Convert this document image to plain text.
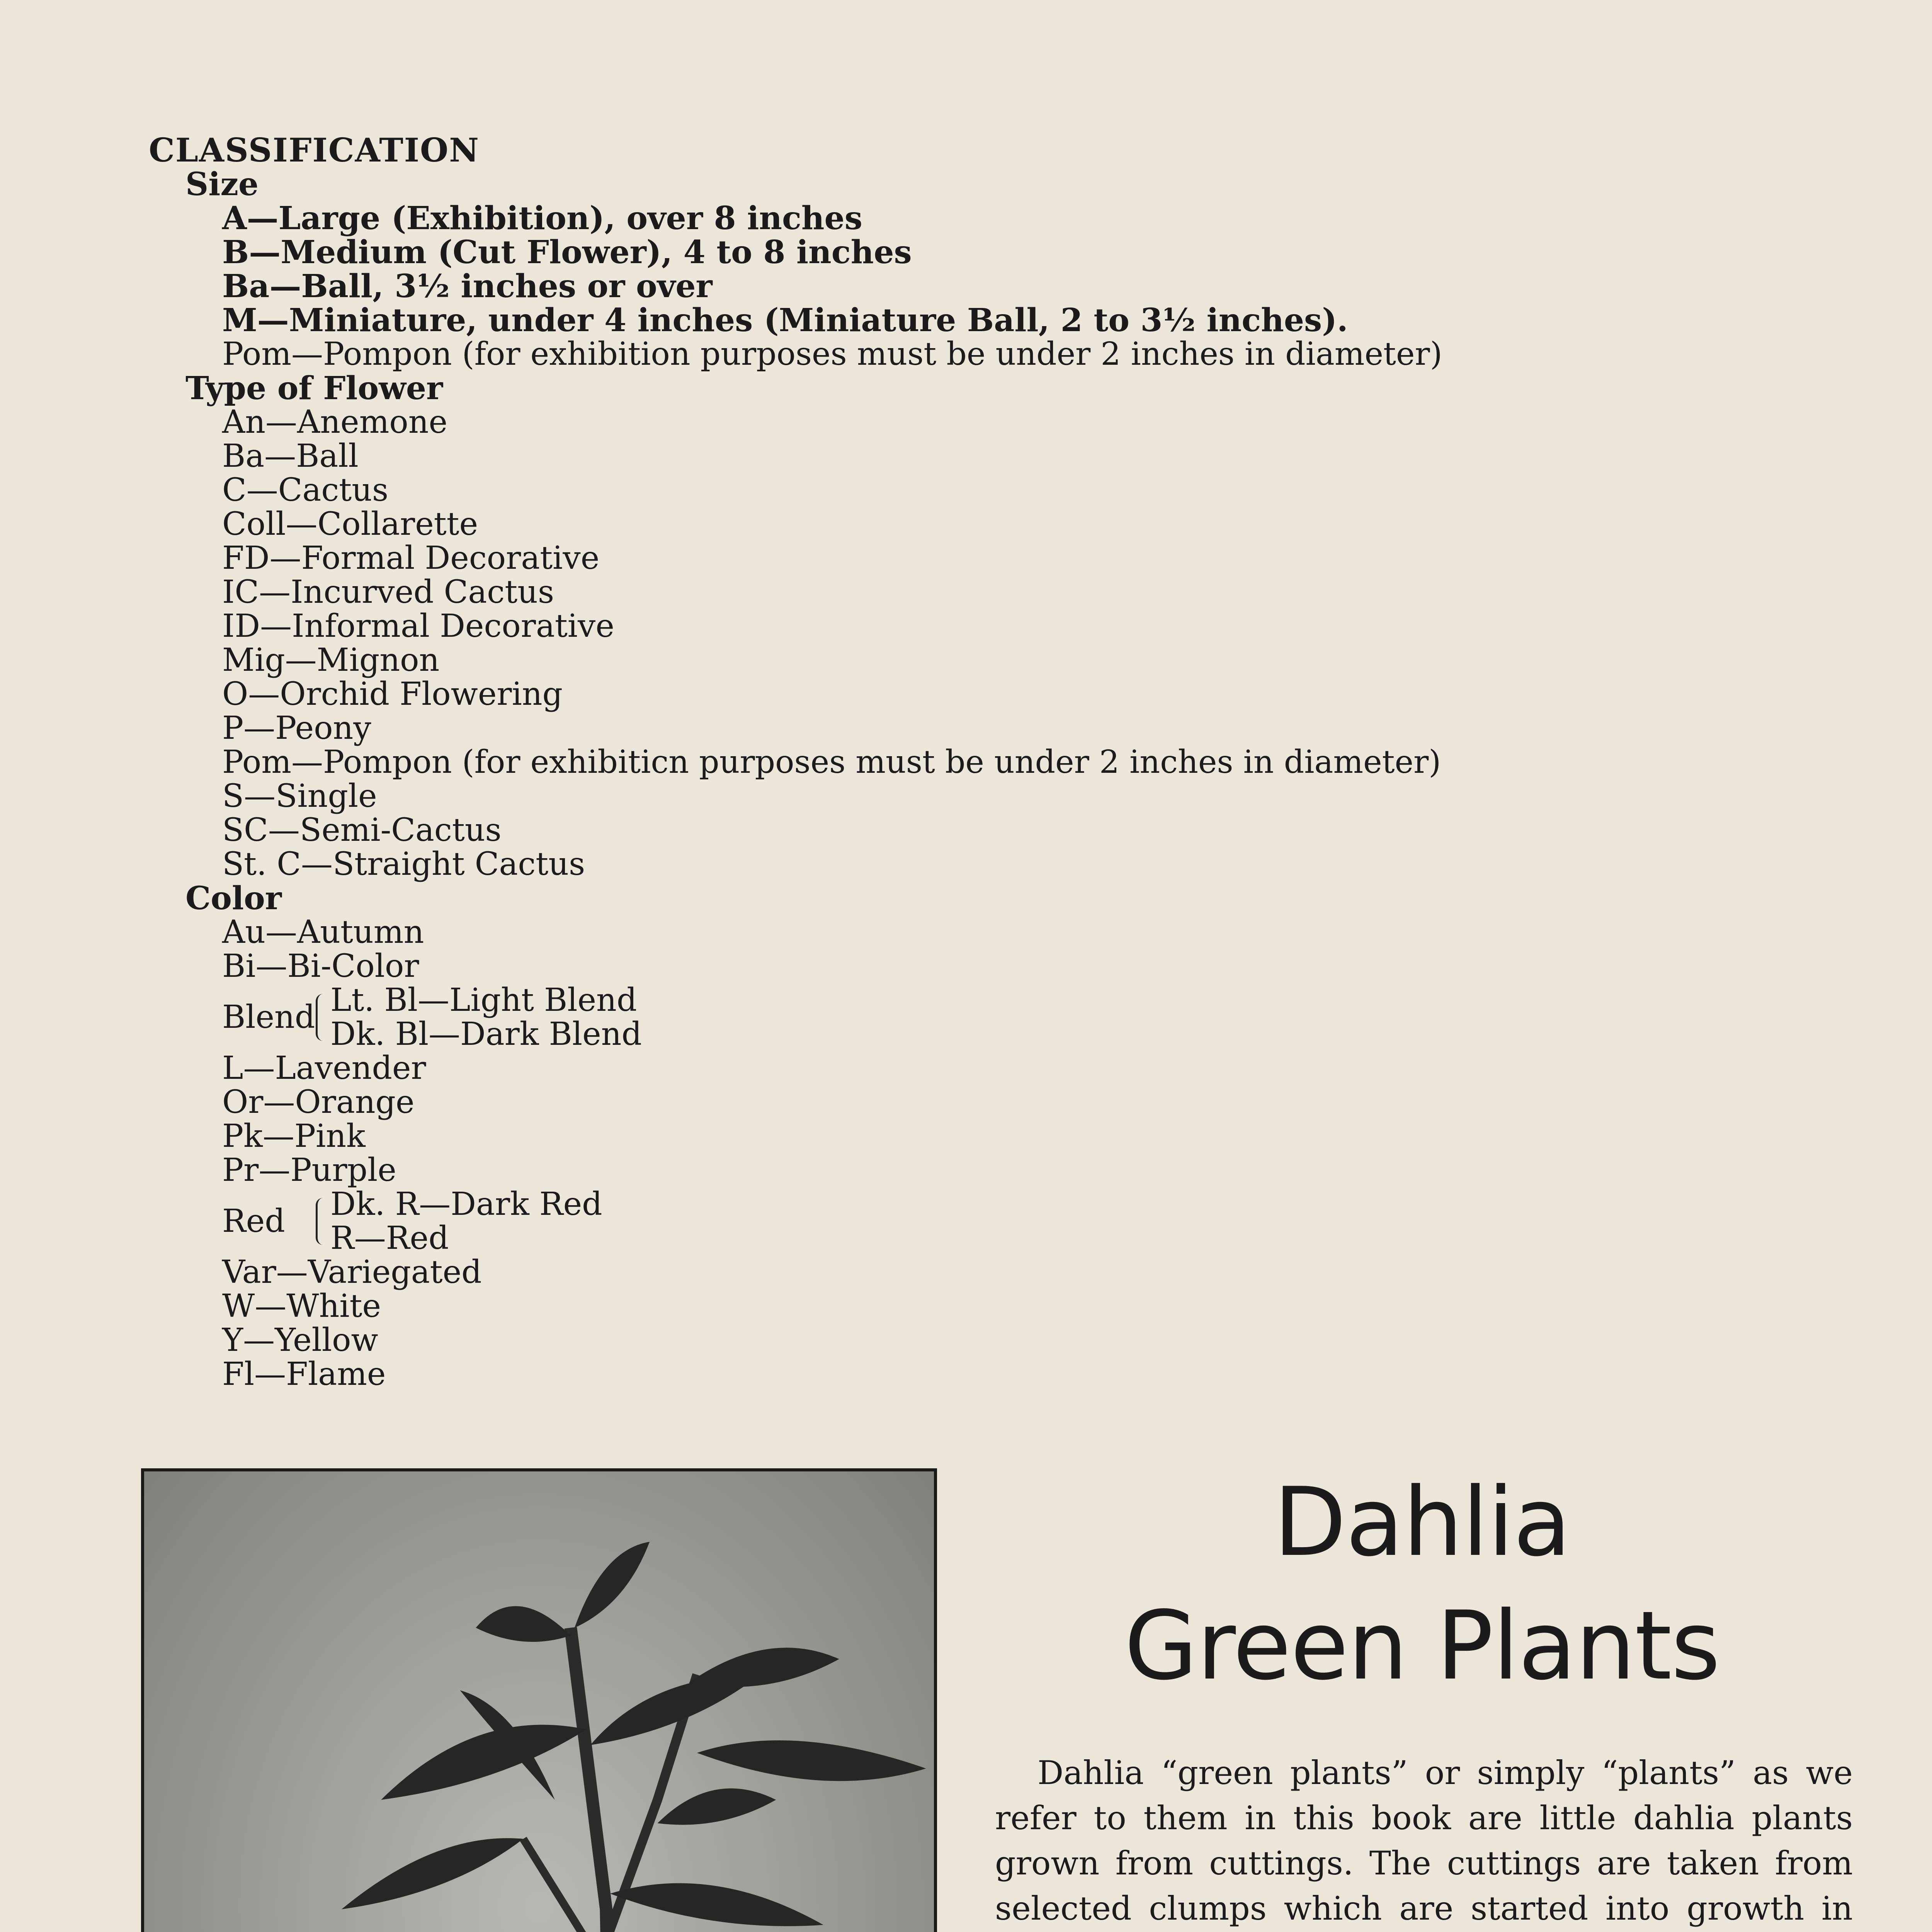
CLASSIFICATION
Size
A—Large (Exhibition), over 8 inches
B—Medium (Cut Flower), 4 to 8 inches
Ba—Ball, 3½ inches or over
M—Miniature, under 4 inches (Miniature Ball, 2 to 3½ inches).
Pom—Pompon (for exhibition purposes must be under 2 inches in diameter)
Type of Flower
An—Anemone
Ba—Ball
C—Cactus
Coll—Collarette
FD—Formal Decorative
IC—Incurved Cactus
ID—Informal Decorative
Mig—Mignon
O—Orchid Flowering
P—Peony
Pom—Pompon (for exhibiticn purposes must be under 2 inches in diameter)
S—Single
SC—Semi-Cactus
St. C—Straight Cactus
Color
Au—Autumn
Bi—Bi-Color
Blend Lt. Bl—Light Blend
Dk. Bl—Dark Blend
L—Lavender
Or—Orange
Pk—Pink
Pr—Purple
Red	Dk. R—Dark Red
R—Red
Var—Variegated
W—White
Y—Yellow
Fl—Flame
Dahlia
Green Plants

Dahlia “green plants” or simply “plants” as we refer to them in this book are little dahlia plants grown from cuttings. The cuttings are taken from selected clumps which are started into growth in
